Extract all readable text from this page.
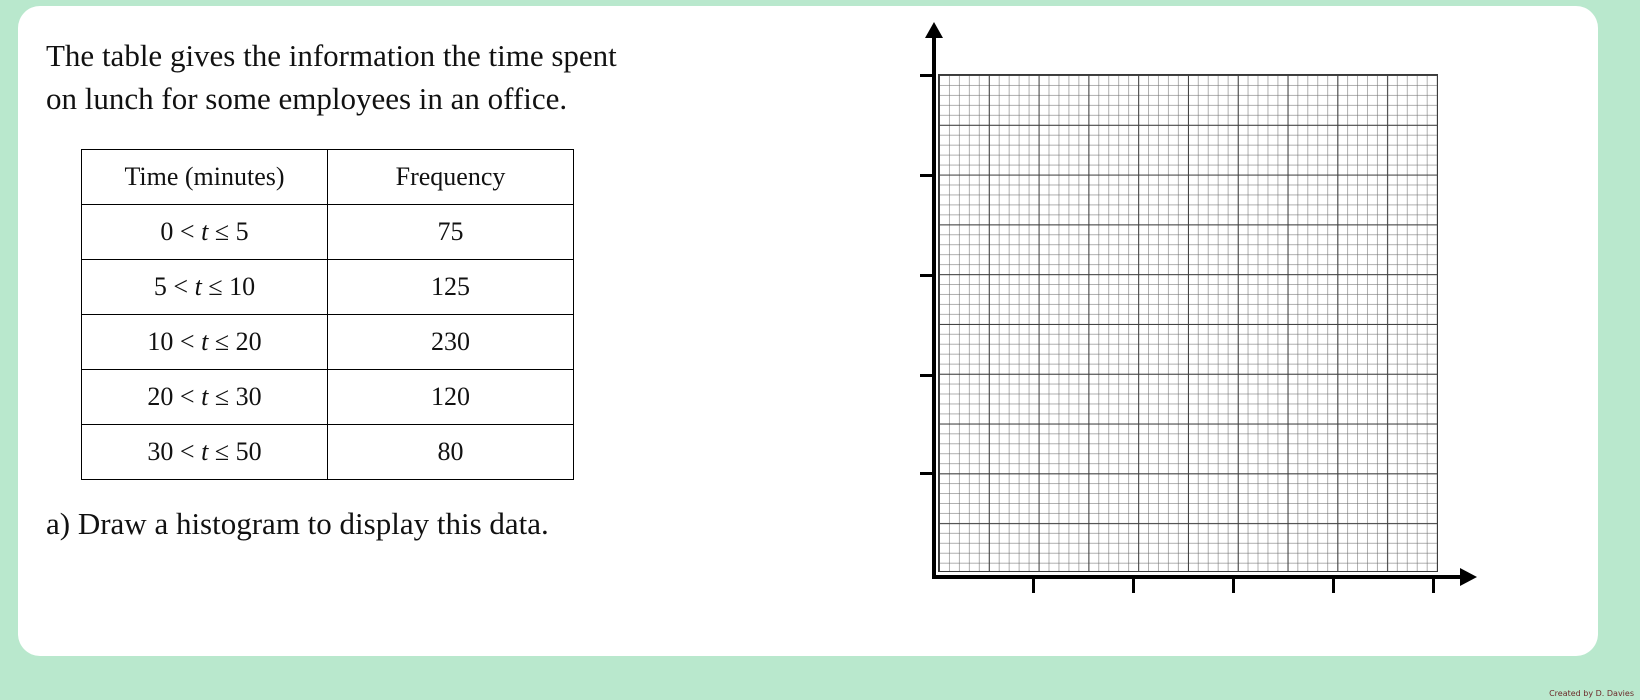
The table gives the information the time spent
on lunch for some employees in an office.
Time (minutes)	Frequency
0 < t ≤ 5	75
5 < t ≤ 10	125
10 < t ≤ 20	230
20 < t ≤ 30	120
30 < t ≤ 50	80
a) Draw a histogram to display this data.
Created by D. Davies
